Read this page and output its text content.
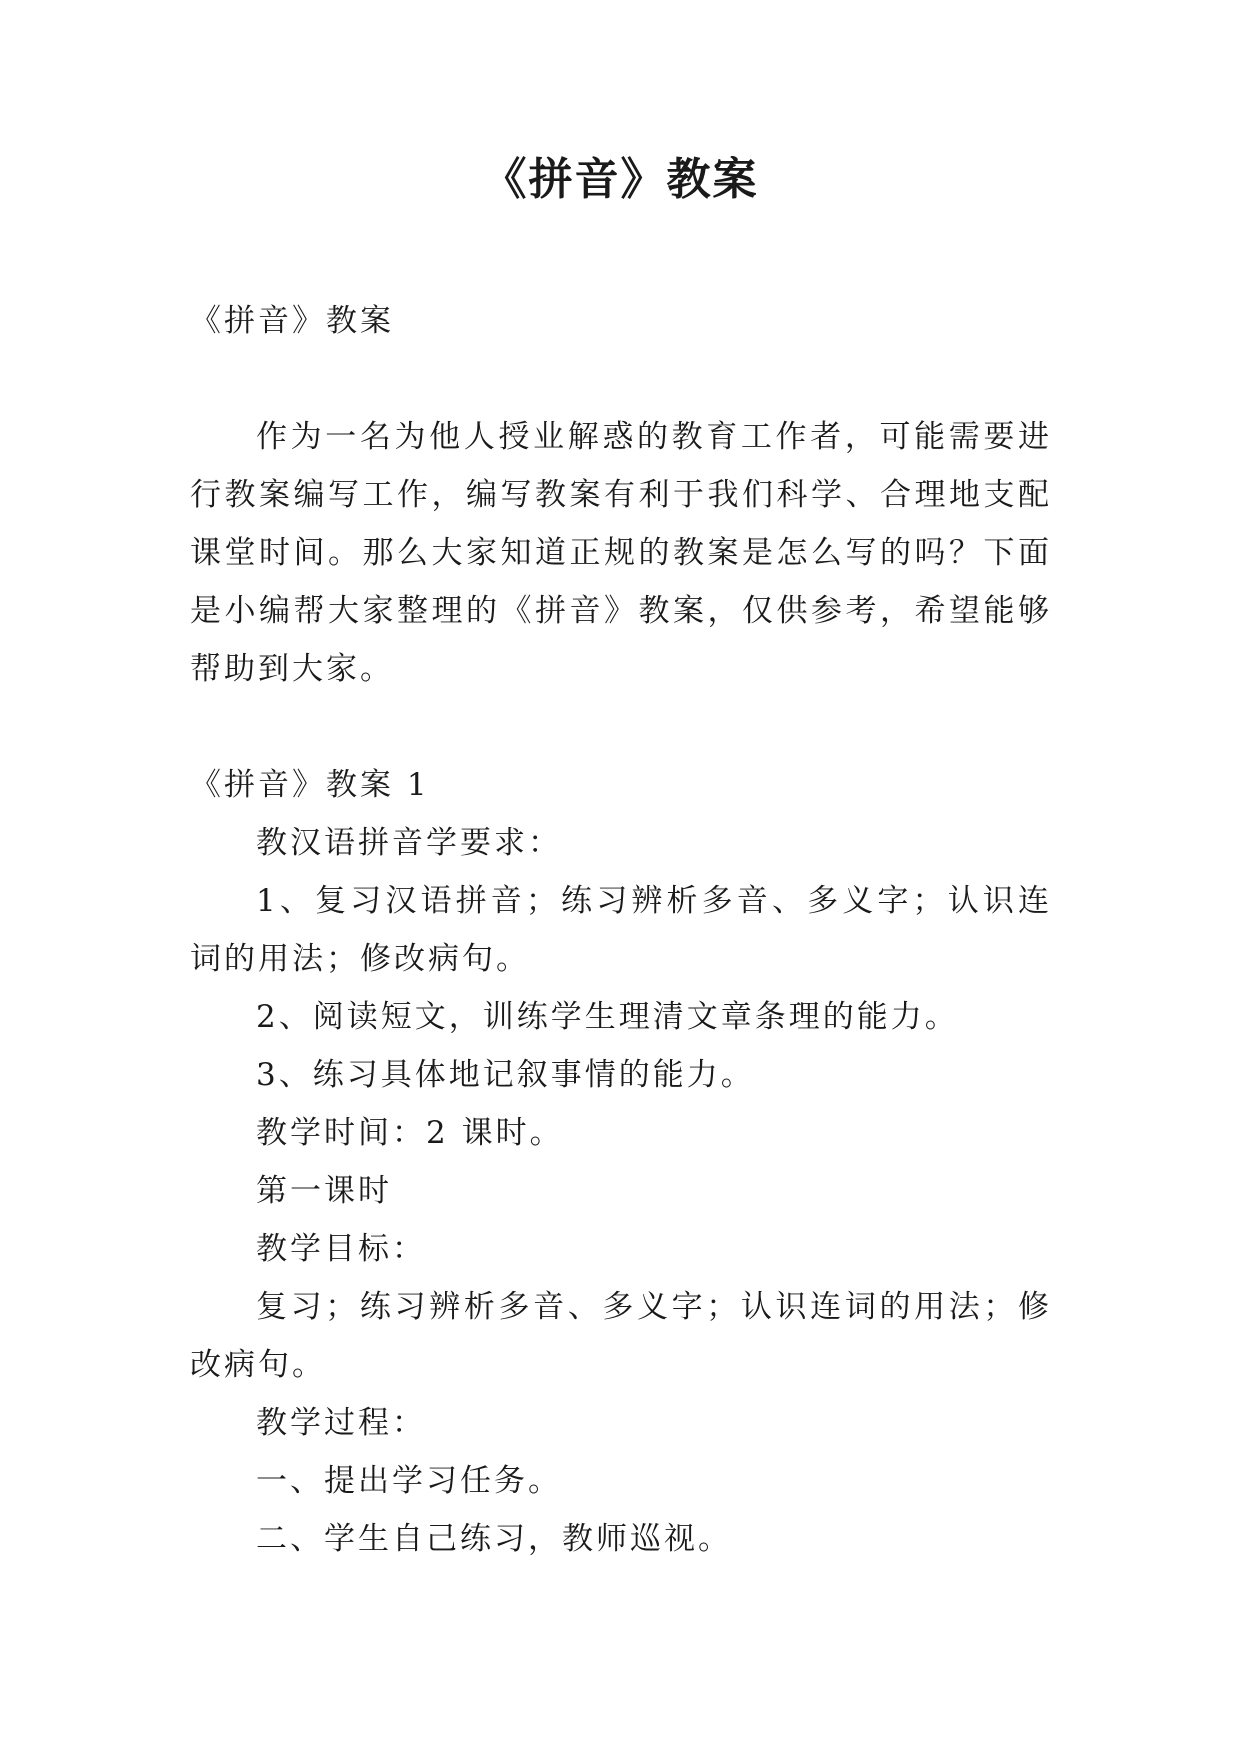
《拼音》教案

《拼音》教案

作为一名为他人授业解惑的教育工作者，可能需要进行教案编写工作，编写教案有利于我们科学、合理地支配课堂时间。那么大家知道正规的教案是怎么写的吗？下面是小编帮大家整理的《拼音》教案，仅供参考，希望能够帮助到大家。

《拼音》教案 1

教汉语拼音学要求：

1、复习汉语拼音；练习辨析多音、多义字；认识连词的用法；修改病句。

2、阅读短文，训练学生理清文章条理的能力。

3、练习具体地记叙事情的能力。

教学时间：2 课时。

第一课时

教学目标：

复习；练习辨析多音、多义字；认识连词的用法；修改病句。

教学过程：

一、提出学习任务。

二、学生自己练习，教师巡视。
